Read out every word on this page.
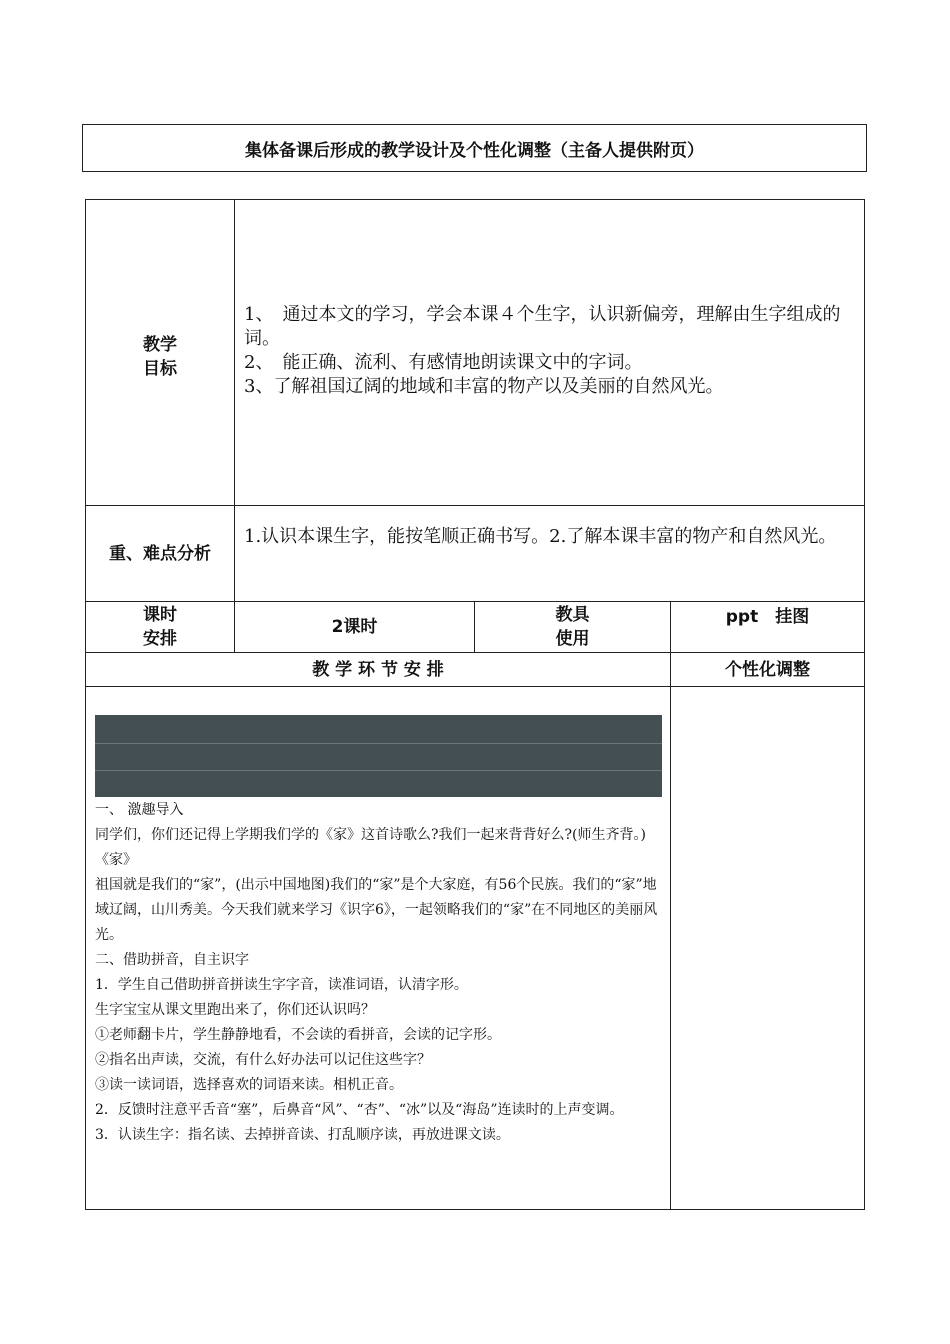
集体备课后形成的教学设计及个性化调整（主备人提供附页）
教学
目标

1、　通过本文的学习，学会本课４个生字，认识新偏旁，理解由生字组成的词。

2、　能正确、流利、有感情地朗读课文中的字词。

3、了解祖国辽阔的地域和丰富的物产以及美丽的自然风光。

重、难点分析

1.认识本课生字，能按笔顺正确书写。2.了解本课丰富的物产和自然风光。

课时
安排
2课时
教具
使用
ppt　挂图
教 学 环 节 安 排	个性化调整

一、 激趣导入

同学们，你们还记得上学期我们学的《家》这首诗歌么?我们一起来背背好么?(师生齐背。)

《家》

祖国就是我们的“家”，(出示中国地图)我们的“家”是个大家庭，有56个民族。我们的“家”地域辽阔，山川秀美。今天我们就来学习《识字6》，一起领略我们的“家”在不同地区的美丽风光。

二、借助拼音，自主识字

1．学生自己借助拼音拼读生字字音，读准词语，认清字形。

生字宝宝从课文里跑出来了，你们还认识吗？

①老师翻卡片，学生静静地看，不会读的看拼音，会读的记字形。

②指名出声读，交流，有什么好办法可以记住这些字？

③读一读词语，选择喜欢的词语来读。相机正音。

2．反馈时注意平舌音“塞”，后鼻音“风”、“杏”、“冰”以及“海岛”连读时的上声变调。

3．认读生字：指名读、去掉拼音读、打乱顺序读，再放进课文读。
